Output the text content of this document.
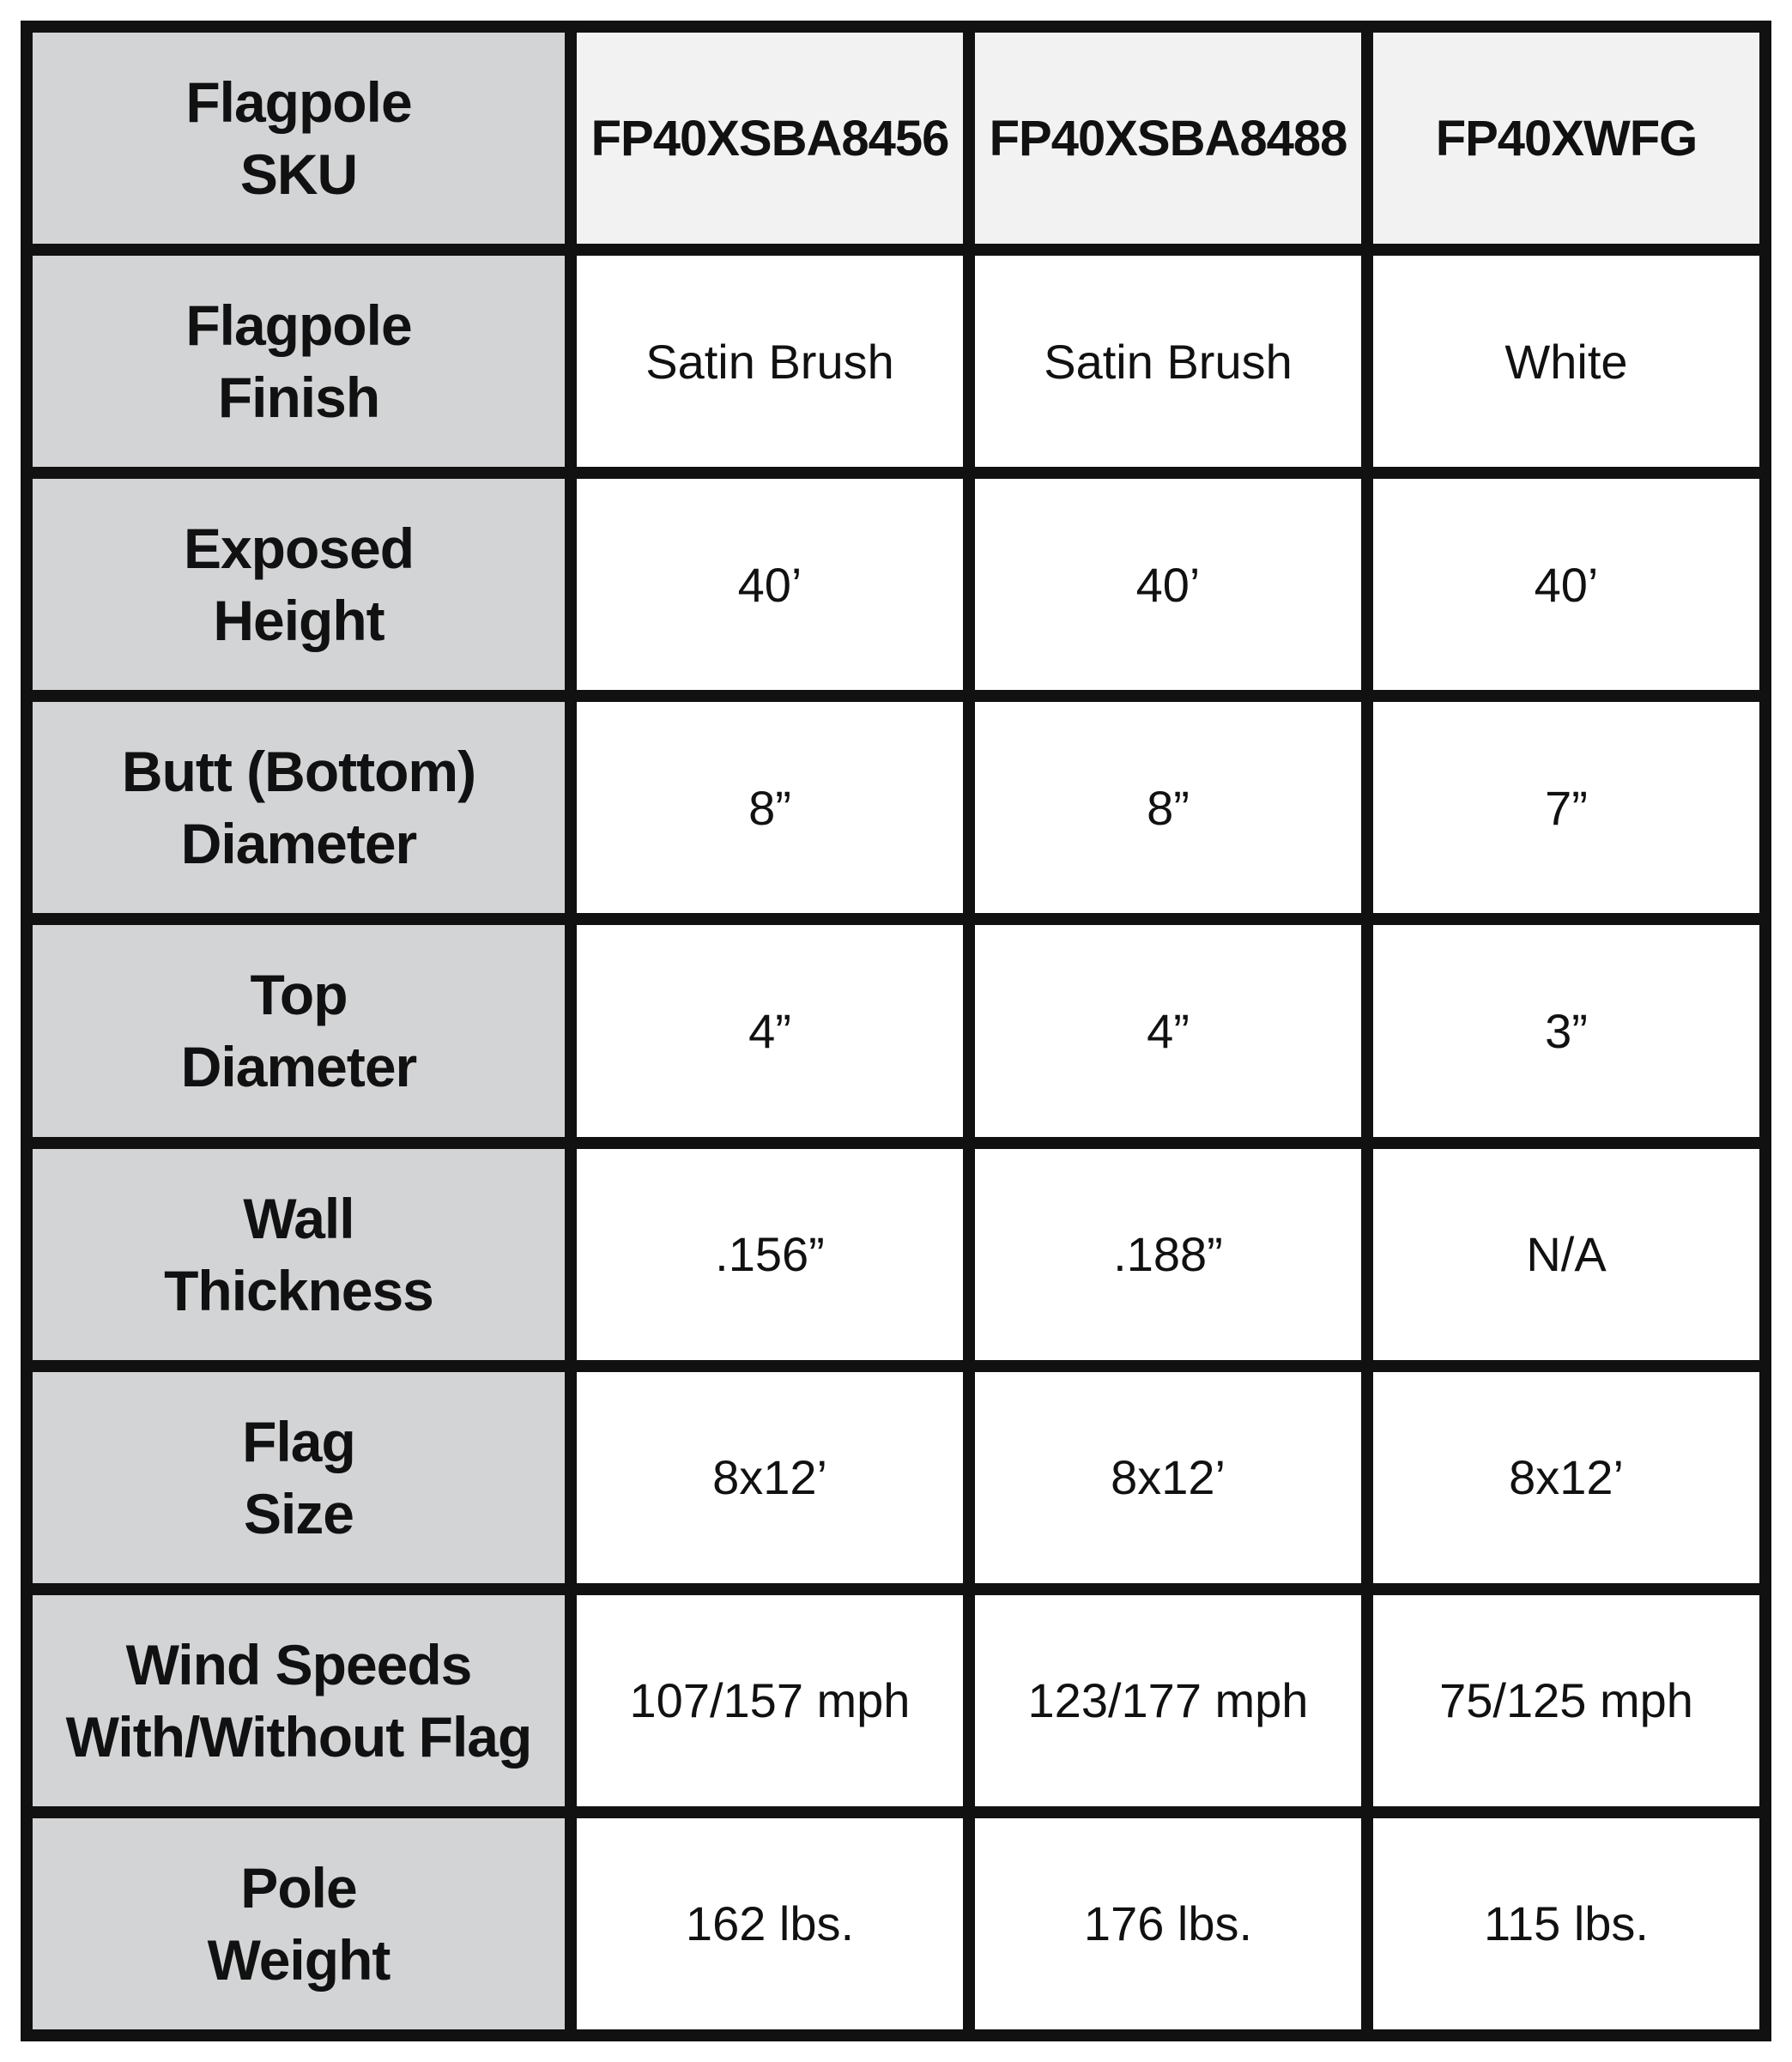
Flagpole
SKU	FP40XSBA8456	FP40XSBA8488	FP40XWFG
Flagpole
Finish	Satin Brush	Satin Brush	White
Exposed
Height	40’	40’	40’
Butt (Bottom)
Diameter	8”	8”	7”
Top
Diameter	4”	4”	3”
Wall
Thickness	.156”	.188”	N/A
Flag
Size	8x12’	8x12’	8x12’
Wind Speeds
With/Without Flag	107/157 mph	123/177 mph	75/125 mph
Pole
Weight	162 lbs.	176 lbs.	115 lbs.
